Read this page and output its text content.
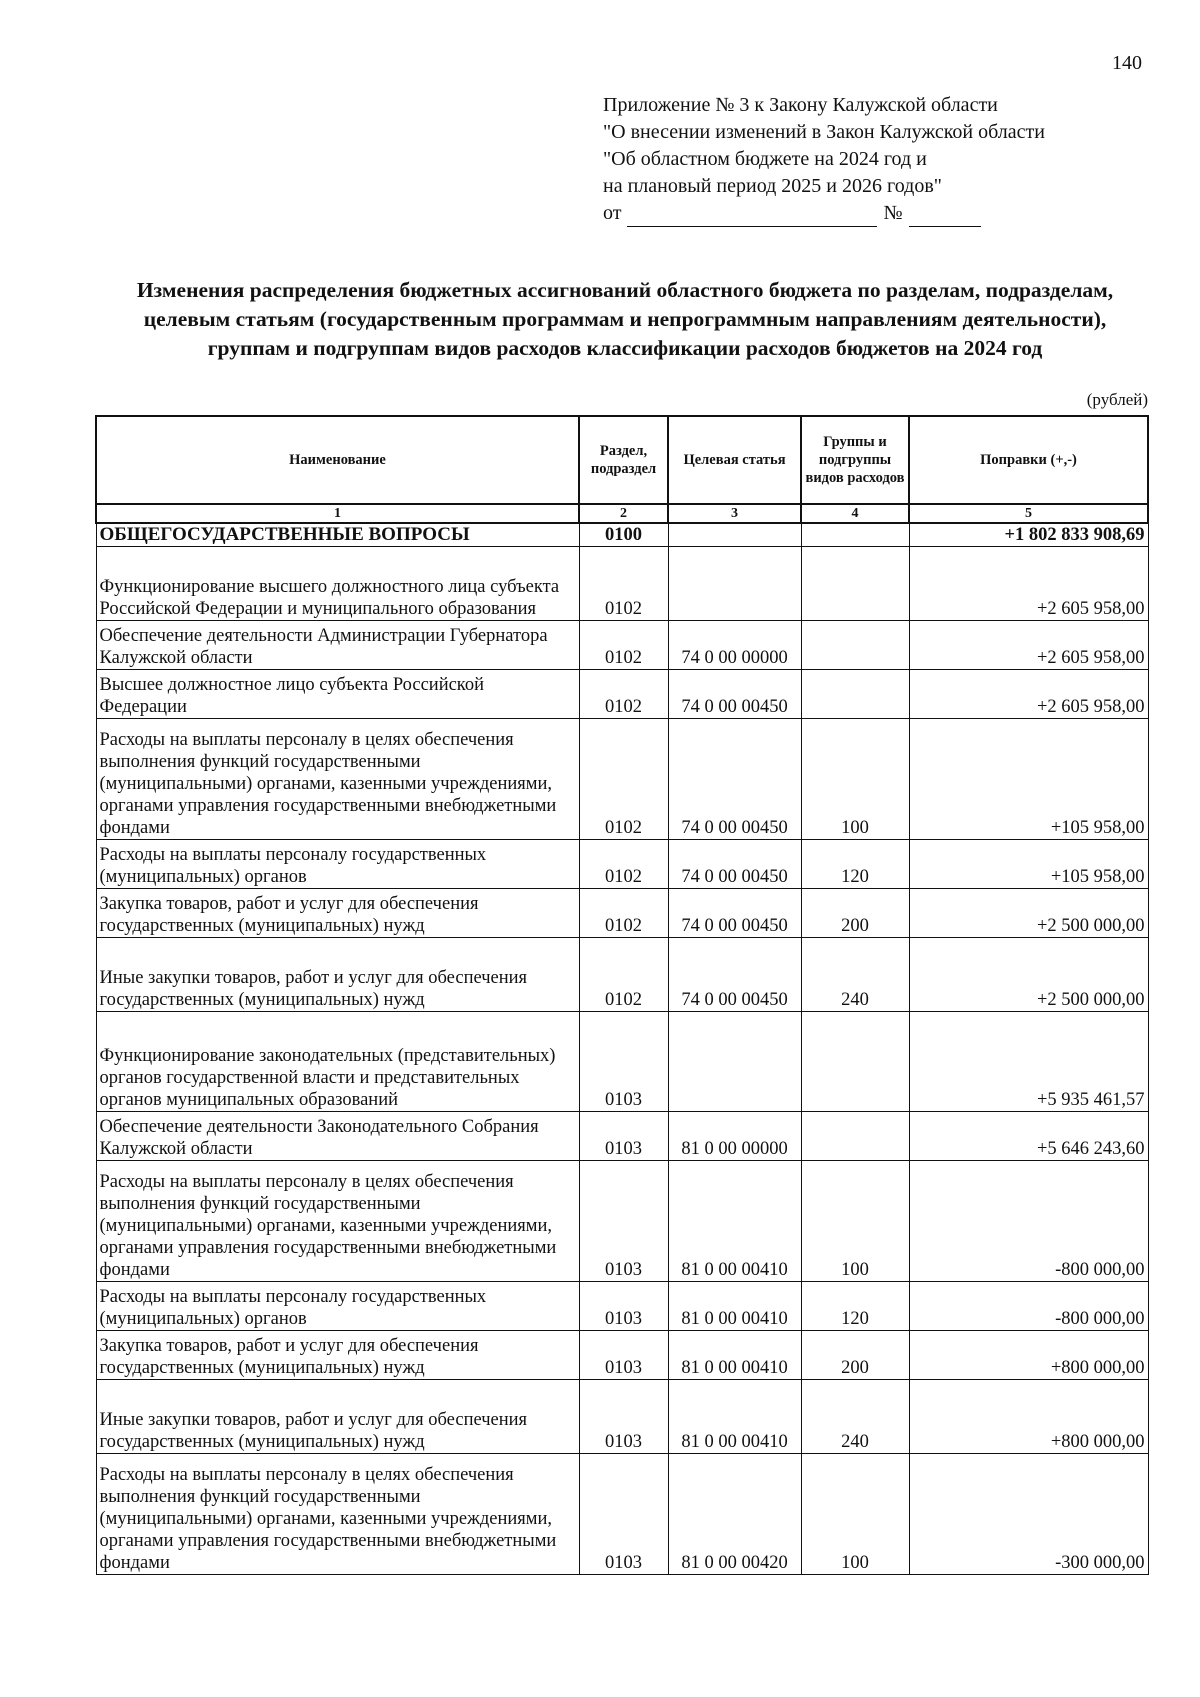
140
Приложение № 3 к Закону Калужской области
"О внесении изменений в Закон Калужской области
"Об областном бюджете на 2024 год и
на плановый период 2025 и 2026 годов"
от	№
Изменения распределения бюджетных ассигнований областного бюджета по разделам, подразделам,
целевым статьям (государственным программам и непрограммным направлениям деятельности),
группам и подгруппам видов расходов классификации расходов бюджетов на 2024 год
(рублей)
Наименование	Раздел, подраздел	Целевая статья	Группы и подгруппы видов расходов	Поправки (+,-)
1	2	3	4	5
ОБЩЕГОСУДАРСТВЕННЫЕ ВОПРОСЫ	0100			+1 802 833 908,69
Функционирование высшего должностного лица субъекта Российской Федерации и муниципального образования	0102			+2 605 958,00
Обеспечение деятельности Администрации Губернатора Калужской области	0102	74 0 00 00000		+2 605 958,00
Высшее должностное лицо субъекта Российской Федерации	0102	74 0 00 00450		+2 605 958,00
Расходы на выплаты персоналу в целях обеспечения выполнения функций государственными (муниципальными) органами, казенными учреждениями, органами управления государственными внебюджетными фондами	0102	74 0 00 00450	100	+105 958,00
Расходы на выплаты персоналу государственных (муниципальных) органов	0102	74 0 00 00450	120	+105 958,00
Закупка товаров, работ и услуг для обеспечения государственных (муниципальных) нужд	0102	74 0 00 00450	200	+2 500 000,00
Иные закупки товаров, работ и услуг для обеспечения государственных (муниципальных) нужд	0102	74 0 00 00450	240	+2 500 000,00
Функционирование законодательных (представительных) органов государственной власти и представительных органов муниципальных образований	0103			+5 935 461,57
Обеспечение деятельности Законодательного Собрания Калужской области	0103	81 0 00 00000		+5 646 243,60
Расходы на выплаты персоналу в целях обеспечения выполнения функций государственными (муниципальными) органами, казенными учреждениями, органами управления государственными внебюджетными фондами	0103	81 0 00 00410	100	-800 000,00
Расходы на выплаты персоналу государственных (муниципальных) органов	0103	81 0 00 00410	120	-800 000,00
Закупка товаров, работ и услуг для обеспечения государственных (муниципальных) нужд	0103	81 0 00 00410	200	+800 000,00
Иные закупки товаров, работ и услуг для обеспечения государственных (муниципальных) нужд	0103	81 0 00 00410	240	+800 000,00
Расходы на выплаты персоналу в целях обеспечения выполнения функций государственными (муниципальными) органами, казенными учреждениями, органами управления государственными внебюджетными фондами	0103	81 0 00 00420	100	-300 000,00
